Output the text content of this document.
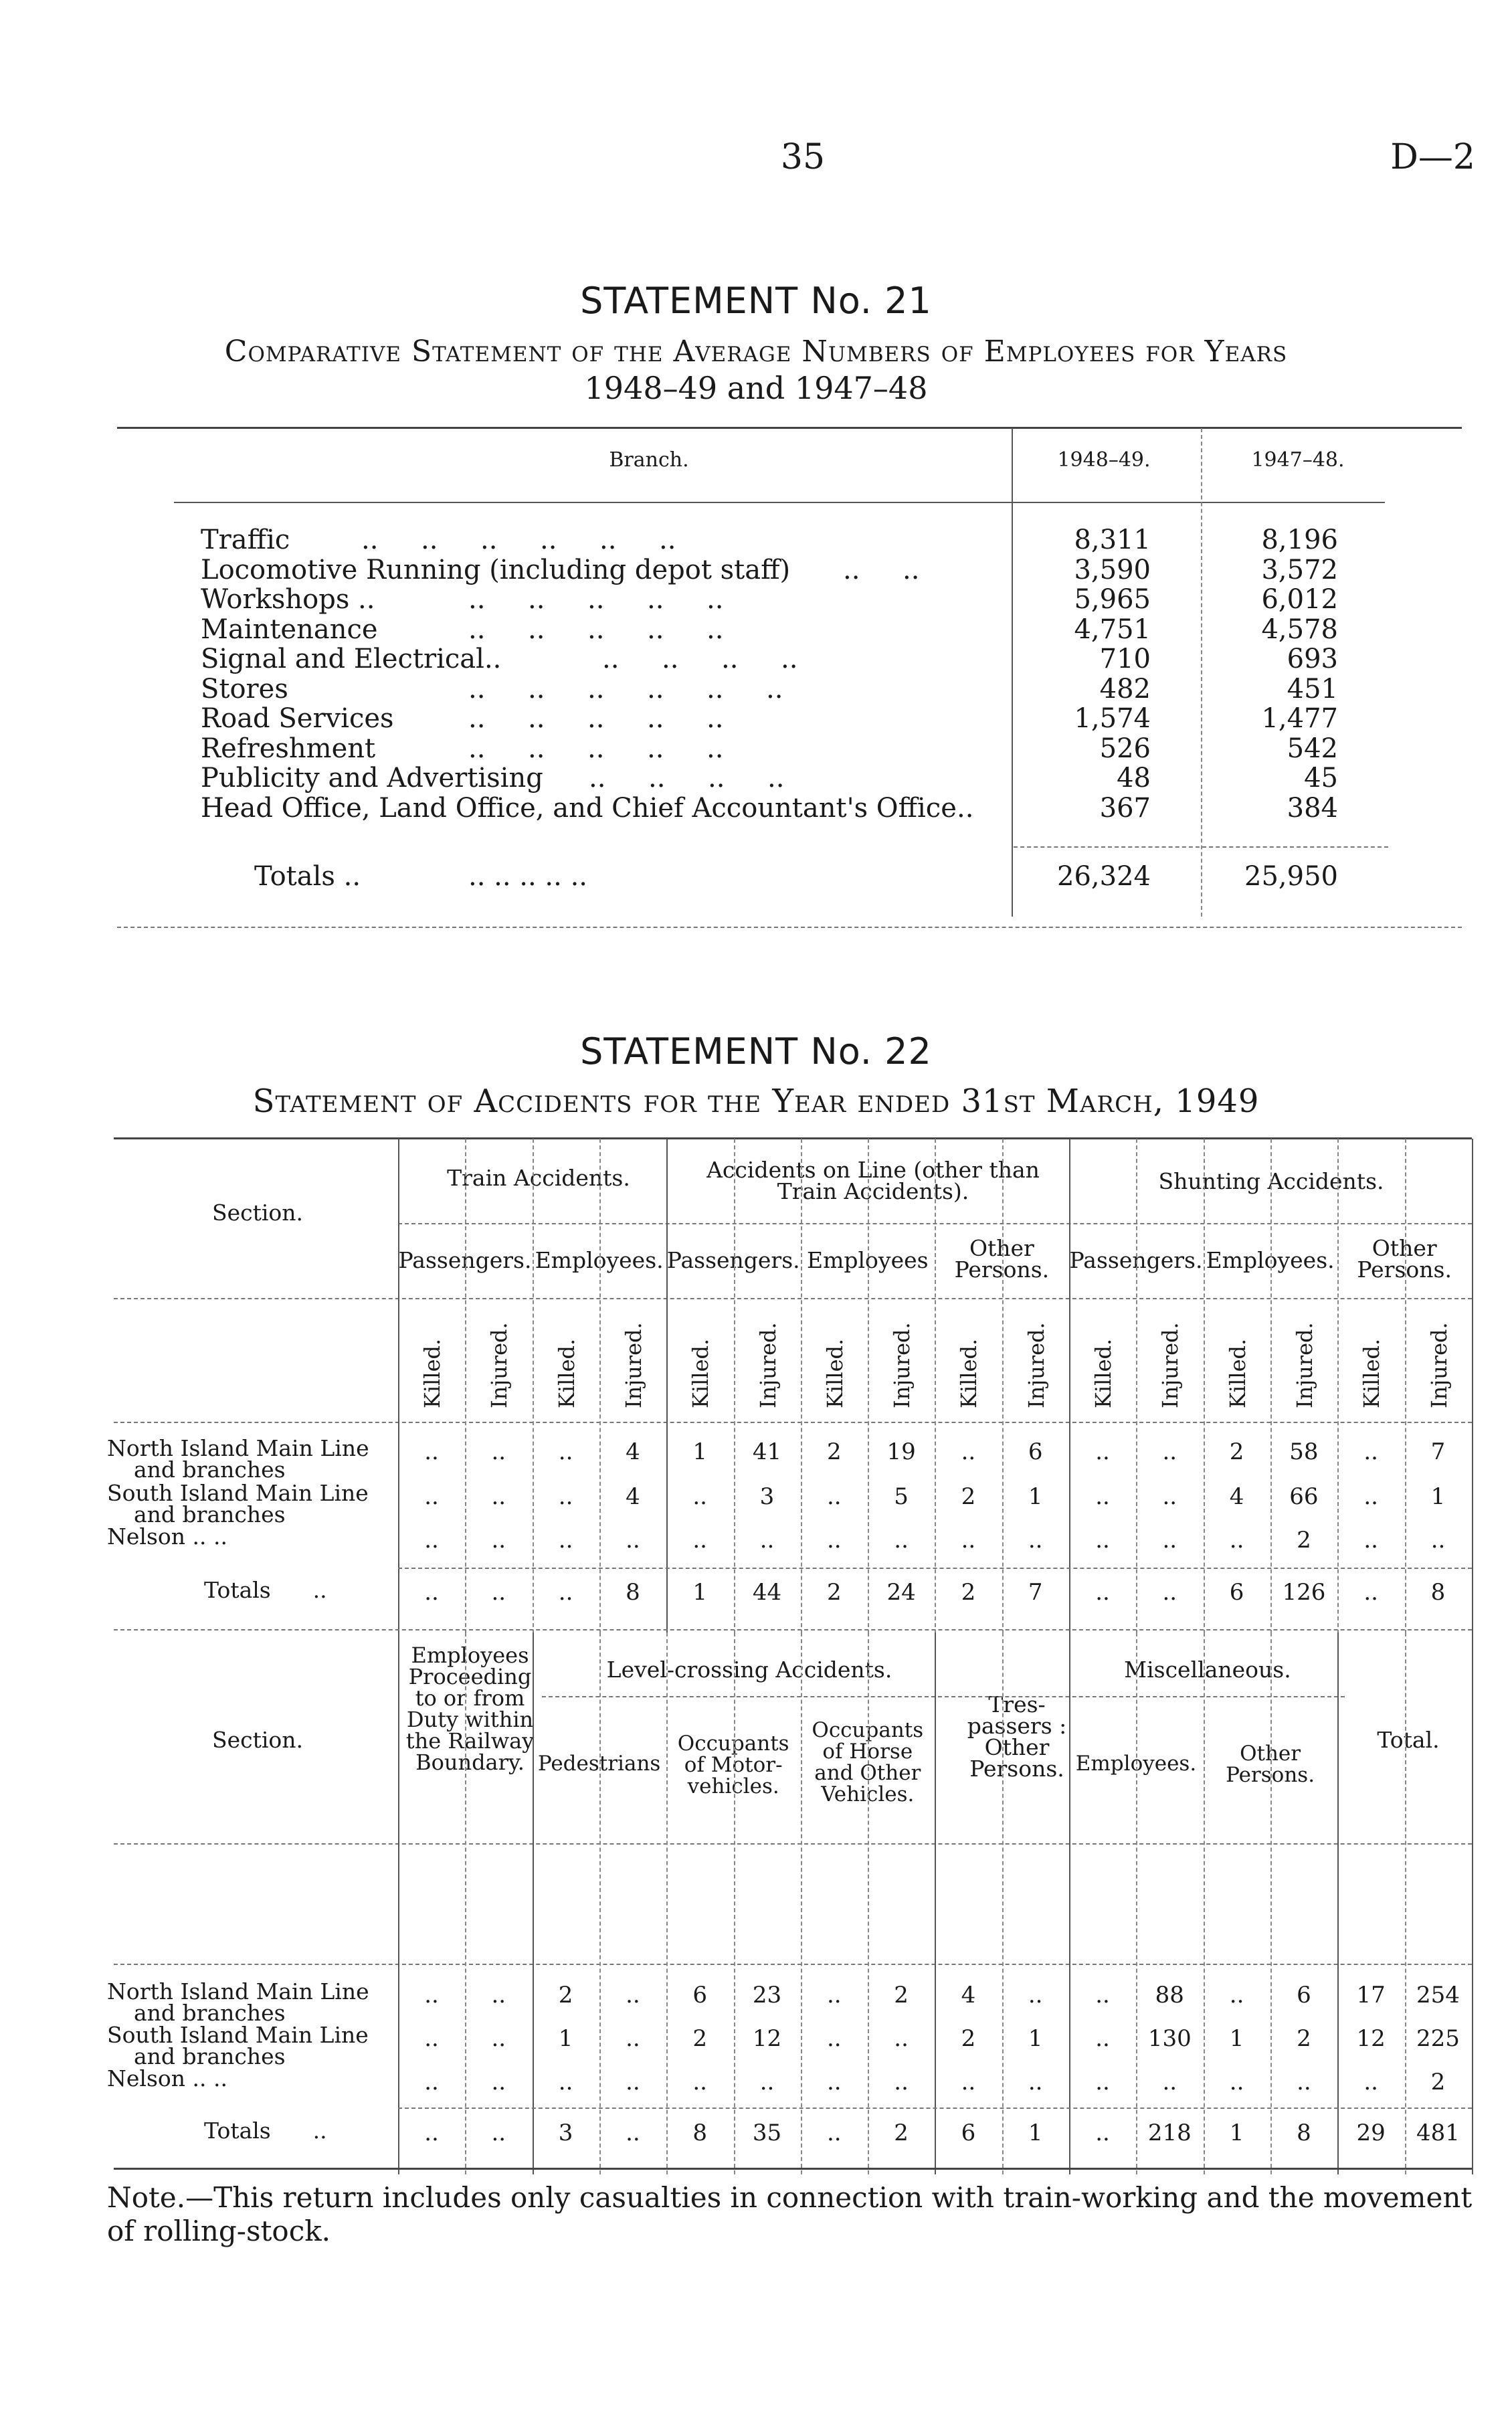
35	D—2
STATEMENT No. 21
Comparative Statement of the Average Numbers of Employees for Years
1948–49 and 1947–48
Branch.	1948–49.	1947–48.
Traffic	..     ..     ..     ..     ..     ..	8,311	8,196
Locomotive Running (including depot staff) ..     ..	3,590	3,572
Workshops ..	..     ..     ..     ..     ..	5,965	6,012
Maintenance	..     ..     ..     ..     ..	4,751	4,578
Signal and Electrical..	..     ..     ..     ..	710	693
Stores	..     ..     ..     ..     ..     ..	482	451
Road Services	..     ..     ..     ..     ..	1,574	1,477
Refreshment	..     ..     ..     ..     ..	526	542
Publicity and Advertising ..     ..     ..     ..	48	45
Head Office, Land Office, and Chief Accountant's Office ..	367	384
Totals ..	.. .. .. .. ..	26,324	25,950
STATEMENT No. 22
Statement of Accidents for the Year ended 31st March, 1949
Section.
Train Accidents.	Accidents on Line (other than Train Accidents).	Shunting Accidents.
Passengers. Employees. Passengers. Employees	Other Persons. Passengers. Employees.	Other Persons.
Killed. Injured. Killed. Injured. Killed. Injured. Killed. Injured. Killed. Injured. Killed. Injured. Killed. Injured. Killed. Injured.
North Island Main Line
and branches
..	..	..	4	1	41	2	19	..	6	..	..	2	58	..	7
South Island Main Line
and branches
..	..	..	4	..	3	..	5	2	1	..	..	4	66	..	1
Nelson .. ..	..	..	..	..	..	..	..	..	..	..	..	..	..	2	..	..
Totals      ..	..	..	..	8	1	44	2	24	2	7	..	..	6	126	..	8
Section.
Employees Proceeding to or from Duty within the Railway Boundary.
Level-crossing Accidents.
Tres-passers : Other Persons.
Miscellaneous.
Total.
Pedestrians
Occupants of Motor-vehicles.
Occupants of Horse and Other Vehicles.
Employees.	Other Persons.
North Island Main Line
and branches
..	..	2	..	6	23	..	2	4	..	..	88	..	6	17	254
South Island Main Line
and branches
..	..	1	..	2	12	..	..	2	1	..	130	1	2	12	225
Nelson .. ..	..	..	..	..	..	..	..	..	..	..	..	..	..	..	..	2
Totals      ..	..	..	3	..	8	35	..	2	6	1	..	218	1	8	29	481
Note.—This return includes only casualties in connection with train-working and the movement of rolling-stock.
